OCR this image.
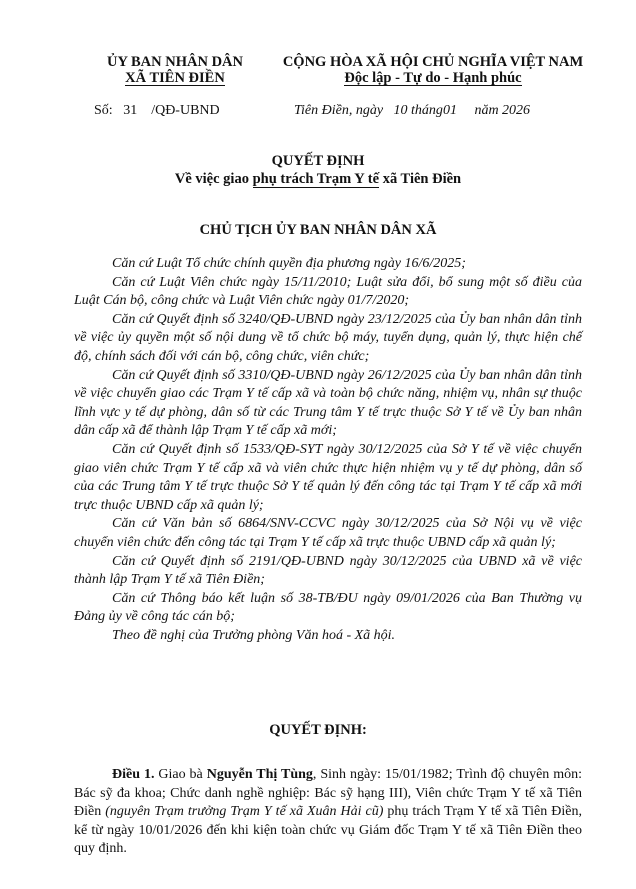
ỦY BAN NHÂN DÂN
XÃ TIÊN ĐIỀN
CỘNG HÒA XÃ HỘI CHỦ NGHĨA VIỆT NAM
Độc lập - Tự do - Hạnh phúc
Số: 31 /QĐ-UBND	Tiên Điền, ngày 10 tháng01 năm 2026
QUYẾT ĐỊNH
Về việc giao phụ trách Trạm Y tế xã Tiên Điền
CHỦ TỊCH ỦY BAN NHÂN DÂN XÃ

Căn cứ Luật Tổ chức chính quyền địa phương ngày 16/6/2025;

Căn cứ Luật Viên chức ngày 15/11/2010; Luật sửa đổi, bổ sung một số điều của Luật Cán bộ, công chức và Luật Viên chức ngày 01/7/2020;

Căn cứ Quyết định số 3240/QĐ-UBND ngày 23/12/2025 của Ủy ban nhân dân tỉnh về việc ủy quyền một số nội dung về tổ chức bộ máy, tuyển dụng, quản lý, thực hiện chế độ, chính sách đối với cán bộ, công chức, viên chức;

Căn cứ Quyết định số 3310/QĐ-UBND ngày 26/12/2025 của Ủy ban nhân dân tỉnh về việc chuyển giao các Trạm Y tế cấp xã và toàn bộ chức năng, nhiệm vụ, nhân sự thuộc lĩnh vực y tế dự phòng, dân số từ các Trung tâm Y tế trực thuộc Sở Y tế về Ủy ban nhân dân cấp xã để thành lập Trạm Y tế cấp xã mới;

Căn cứ Quyết định số 1533/QĐ-SYT ngày 30/12/2025 của Sở Y tế về việc chuyển giao viên chức Trạm Y tế cấp xã và viên chức thực hiện nhiệm vụ y tế dự phòng, dân số của các Trung tâm Y tế trực thuộc Sở Y tế quản lý đến công tác tại Trạm Y tế cấp xã mới trực thuộc UBND cấp xã quản lý;

Căn cứ Văn bản số 6864/SNV-CCVC ngày 30/12/2025 của Sở Nội vụ về việc chuyển viên chức đến công tác tại Trạm Y tế cấp xã trực thuộc UBND cấp xã quản lý;

Căn cứ Quyết định số 2191/QĐ-UBND ngày 30/12/2025 của UBND xã về việc thành lập Trạm Y tế xã Tiên Điền;

Căn cứ Thông báo kết luận số 38-TB/ĐU ngày 09/01/2026 của Ban Thường vụ Đảng ủy về công tác cán bộ;

Theo đề nghị của Trưởng phòng Văn hoá - Xã hội.

QUYẾT ĐỊNH:
Điều 1. Giao bà Nguyễn Thị Tùng, Sinh ngày: 15/01/1982; Trình độ chuyên môn: Bác sỹ đa khoa; Chức danh nghề nghiệp: Bác sỹ hạng III), Viên chức Trạm Y tế xã Tiên Điền (nguyên Trạm trưởng Trạm Y tế xã Xuân Hải cũ) phụ trách Trạm Y tế xã Tiên Điền, kể từ ngày 10/01/2026 đến khi kiện toàn chức vụ Giám đốc Trạm Y tế xã Tiên Điền theo quy định.
